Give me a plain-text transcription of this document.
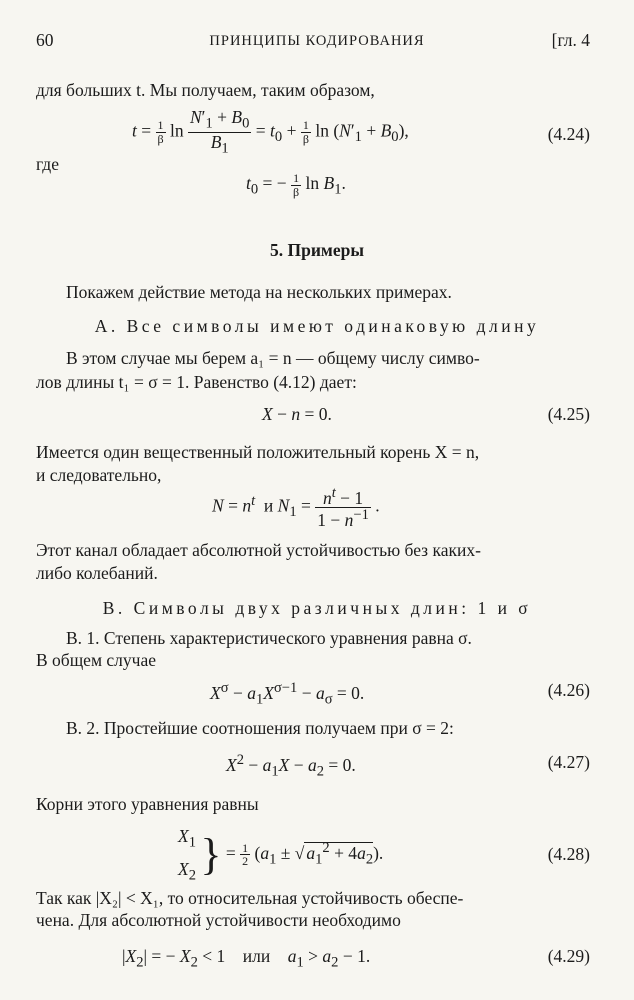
60	ПРИНЦИПЫ КОДИРОВАНИЯ	[гл. 4
для больших t. Мы получаем, таким образом,
$t = \frac{1}{\beta}$ $\ln \frac{N'_1 + B_0}{B_1} = t_0 + \frac{1}{\beta}$ $\ln (N'_1 + B_0)$,	(4.24)
где
$t_0$ = − $\frac{1}{\beta}$ $\ln B_1$.
5. Примеры
Покажем действие метода на нескольких примерах.
А. Все символы имеют одинаковую длину
В этом случае мы берем a₁ = n — общему числу симво-
лов длины t₁ = σ = 1. Равенство (4.12) дает:
X − n = 0.	(4.25)
Имеется один вещественный положительный корень X = n,
и следовательно,
$N = n^t$ и $N_1 = \frac{n^t - 1}{1 - n^{-1}}$ .
Этот канал обладает абсолютной устойчивостью без каких-
либо колебаний.
В. Символы двух различных длин: 1 и σ
В. 1. Степень характеристического уравнения равна σ.
В общем случае
$X^\sigma - a_1X^{\sigma-1} - a_\sigma = 0$.	(4.26)
В. 2. Простейшие соотношения получаем при σ = 2:
$X^2 - a_1X - a_2 = 0$.	(4.27)
Корни этого уравнения равны
$X_1$
$X_2$ } = $\frac{1}{2} (a_1$ ± √ $a_1^2 + 4a_2$).	(4.28)
Так как |X₂| < X₁, то относительная устойчивость обеспе-
чена. Для абсолютной устойчивости необходимо
$|X_2|$ = − $X_2 < 1$    или $a_1 > a_2 - 1$.	(4.29)
